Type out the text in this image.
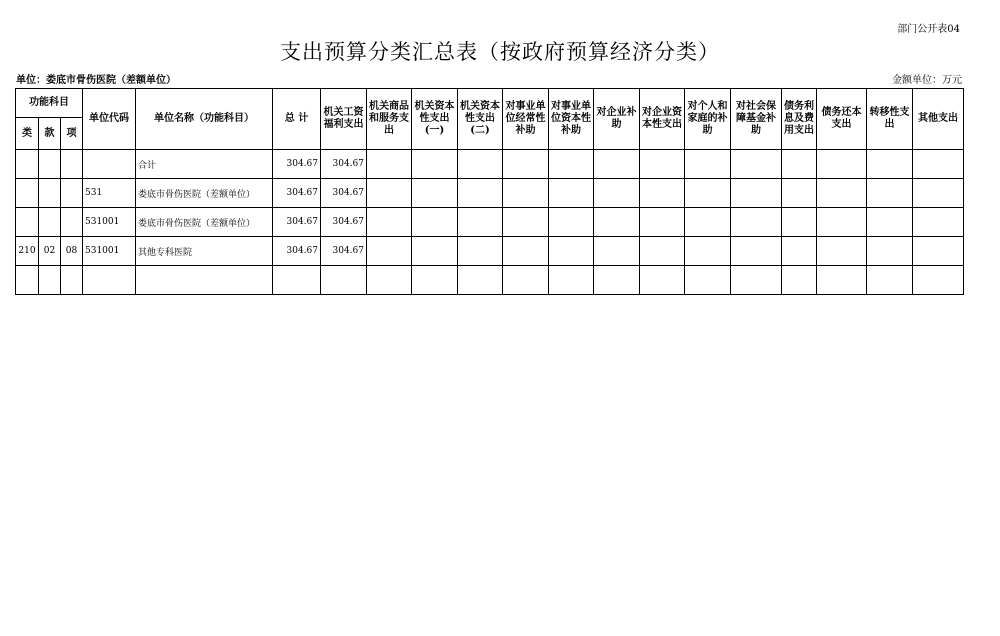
部门公开表04
支出预算分类汇总表（按政府预算经济分类）
单位：娄底市骨伤医院（差额单位）	金额单位：万元
功能科目			单位代码	单位名称（功能科目）	总 计	机关工资福利支出	机关商品和服务支出	机关资本性支出(一)	机关资本性支出(二)	对事业单位经常性补助	对事业单位资本性补助	对企业补助	对企业资本性支出	对个人和家庭的补助	对社会保障基金补助	债务利息及费用支出	债务还本支出	转移性支出	其他支出
类	款	项																	
				合计	304.67	304.67													
			531	娄底市骨伤医院（差额单位）	304.67	304.67													
			531001	娄底市骨伤医院（差额单位）	304.67	304.67													
210	02	08	531001	其他专科医院	304.67	304.67													
